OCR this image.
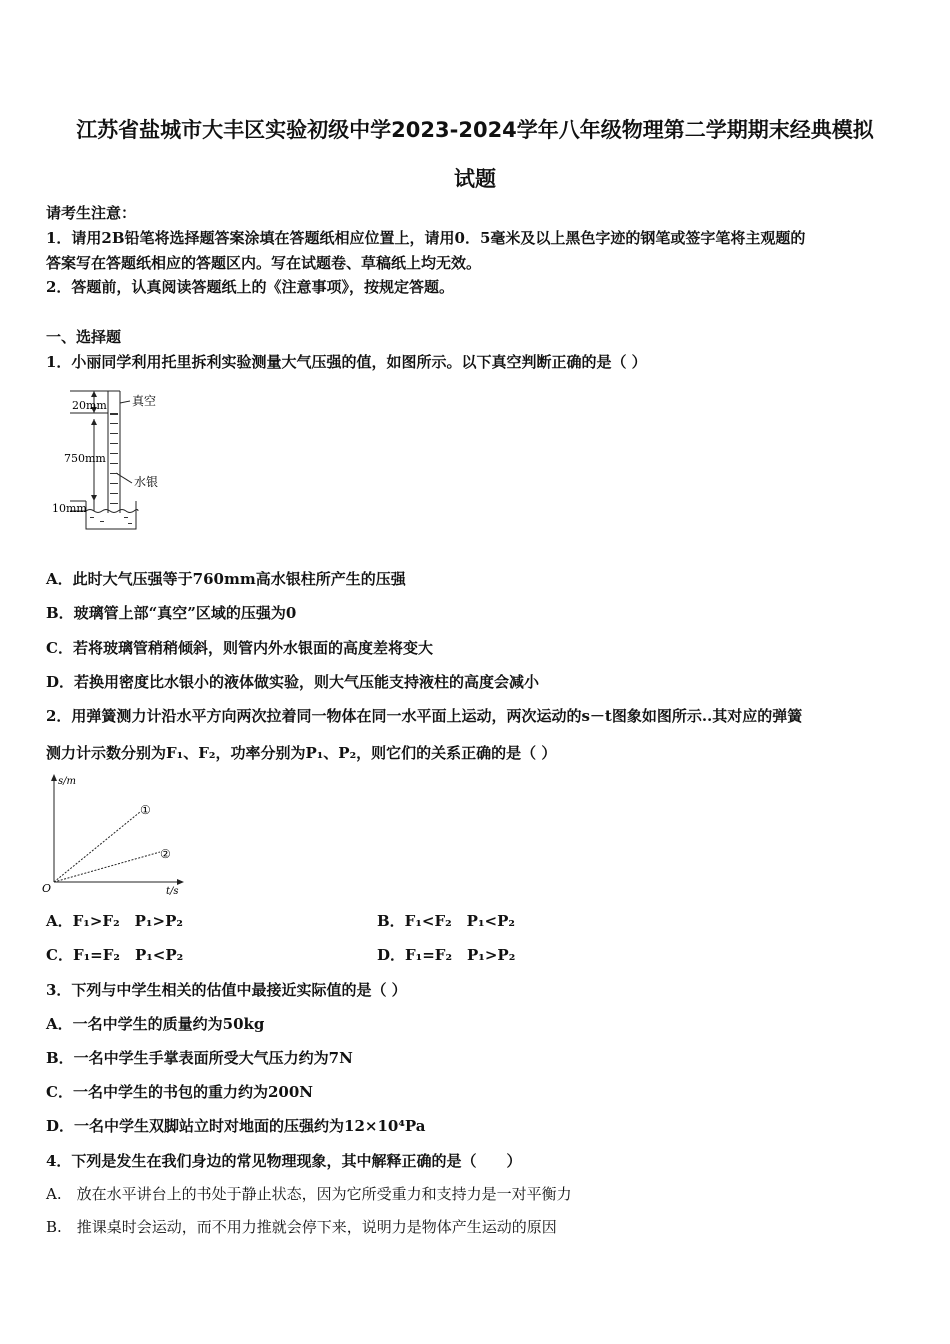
江苏省盐城市大丰区实验初级中学2023-2024学年八年级物理第二学期期末经典模拟
试题
请考生注意：
1．请用2B铅笔将选择题答案涂填在答题纸相应位置上，请用0．5毫米及以上黑色字迹的钢笔或签字笔将主观题的
答案写在答题纸相应的答题区内。写在试题卷、草稿纸上均无效。
2．答题前，认真阅读答题纸上的《注意事项》，按规定答题。
一、选择题
1．小丽同学利用托里拆利实验测量大气压强的值，如图所示。以下真空判断正确的是（ ）
20mm 真空
750mm
水银
10mm
A．此时大气压强等于760mm高水银柱所产生的压强
B．玻璃管上部“真空”区域的压强为0
C．若将玻璃管稍稍倾斜，则管内外水银面的高度差将变大
D．若换用密度比水银小的液体做实验，则大气压能支持液柱的高度会减小
2．用弹簧测力计沿水平方向两次拉着同一物体在同一水平面上运动，两次运动的s－t图象如图所示..其对应的弹簧
测力计示数分别为F₁、F₂，功率分别为P₁、P₂，则它们的关系正确的是（ ）
s/m
t/s
O
①
②
A．F₁>F₂　P₁>P₂	B．F₁<F₂　P₁<P₂
C．F₁=F₂　P₁<P₂	D．F₁=F₂　P₁>P₂
3．下列与中学生相关的估值中最接近实际值的是（ ）
A．一名中学生的质量约为50kg
B．一名中学生手掌表面所受大气压力约为7N
C．一名中学生的书包的重力约为200N
D．一名中学生双脚站立时对地面的压强约为12×10⁴Pa
4．下列是发生在我们身边的常见物理现象，其中解释正确的是（　　）
A.　放在水平讲台上的书处于静止状态，因为它所受重力和支持力是一对平衡力
B.　推课桌时会运动，而不用力推就会停下来，说明力是物体产生运动的原因
